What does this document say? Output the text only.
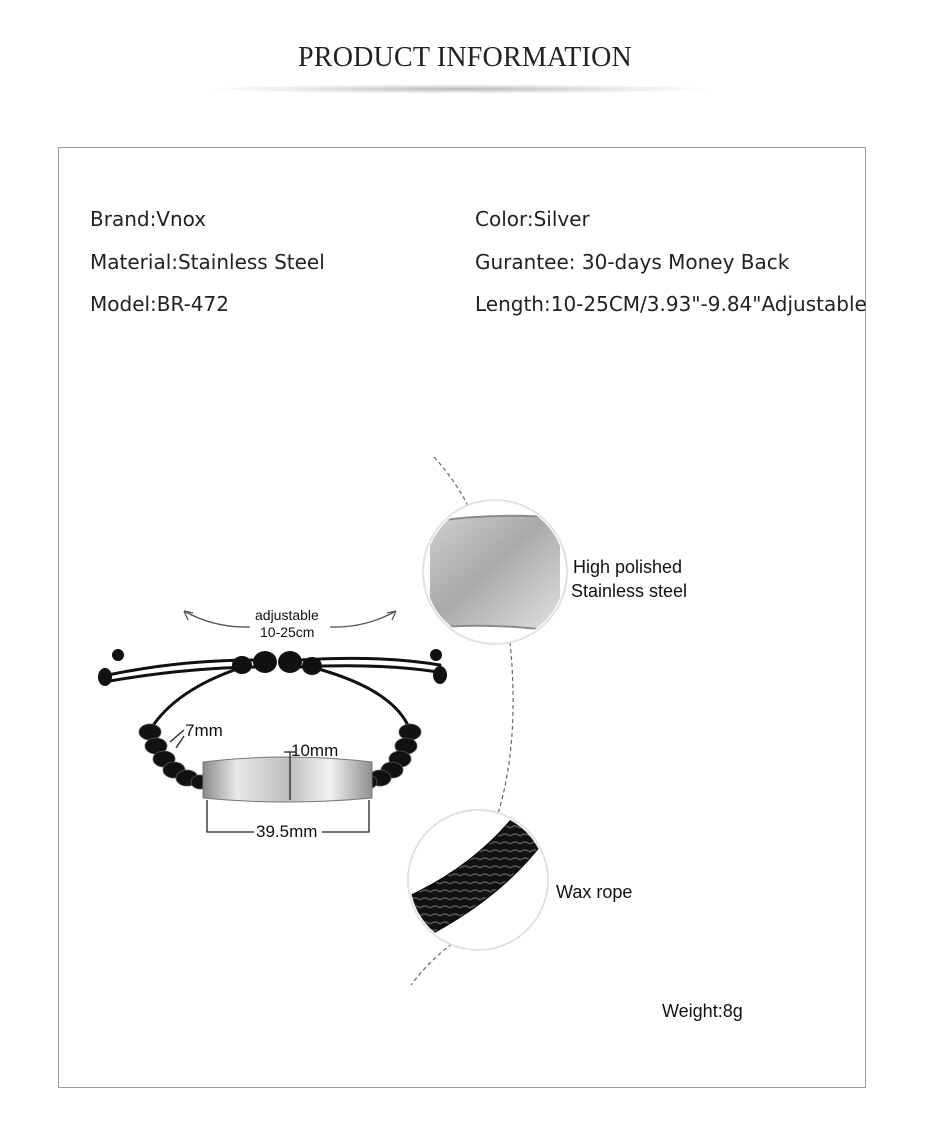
PRODUCT INFORMATION
Brand:Vnox
Material:Stainless Steel
Model:BR-472
Color:Silver
Gurantee: 30-days Money Back
Length:10-25CM/3.93"-9.84"Adjustable
adjustable
10-25cm
7mm
10mm
39.5mm
High polished
Stainless steel
Wax rope
Weight:8g
